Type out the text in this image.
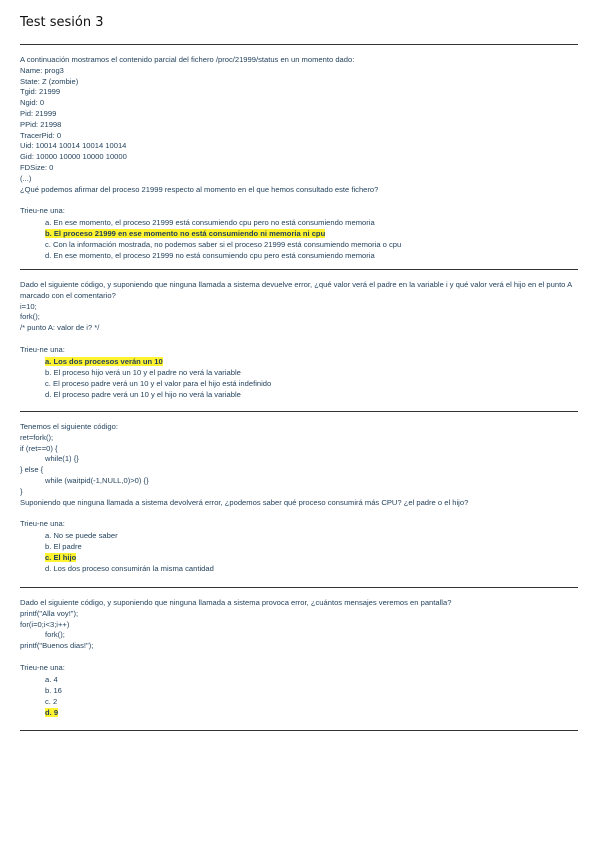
Test sesión 3
A continuación mostramos el contenido parcial del fichero /proc/21999/status en un momento dado:
Name: prog3
State: Z (zombie)
Tgid: 21999
Ngid: 0
Pid: 21999
PPid: 21998
TracerPid: 0
Uid: 10014 10014 10014 10014
Gid: 10000 10000 10000 10000
FDSize: 0
(...)
¿Qué podemos afirmar del proceso 21999 respecto al momento en el que hemos consultado este fichero?
Trieu-ne una:
a. En ese momento, el proceso 21999 está consumiendo cpu pero no está consumiendo memoria
b. El proceso 21999 en ese momento no está consumiendo ni memoria ni cpu
c. Con la información mostrada, no podemos saber si el proceso 21999 está consumiendo memoria o cpu
d. En ese momento, el proceso 21999 no está consumiendo cpu pero está consumiendo memoria
Dado el siguiente código, y suponiendo que ninguna llamada a sistema devuelve error, ¿qué valor verá el padre en la variable i y qué valor verá el hijo en el punto A marcado con el comentario?
i=10;
fork();
/* punto A: valor de i? */
Trieu-ne una:
a. Los dos procesos verán un 10
b. El proceso hijo verá un 10 y el padre no verá la variable
c. El proceso padre verá un 10 y el valor para el hijo está indefinido
d. El proceso padre verá un 10 y el hijo no verá la variable
Tenemos el siguiente código:
ret=fork();
if (ret==0) {
while(1) {}
} else {
while (waitpid(-1,NULL,0)>0) {}
}
Suponiendo que ninguna llamada a sistema devolverá error, ¿podemos saber qué proceso consumirá más CPU? ¿el padre o el hijo?
Trieu-ne una:
a. No se puede saber
b. El padre
c. El hijo
d. Los dos proceso consumirán la misma cantidad
Dado el siguiente código, y suponiendo que ninguna llamada a sistema provoca error, ¿cuántos mensajes veremos en pantalla?
printf("Alla voy!");
for(i=0;i<3;i++)
fork();
printf("Buenos dias!");
Trieu-ne una:
a. 4
b. 16
c. 2
d. 9
